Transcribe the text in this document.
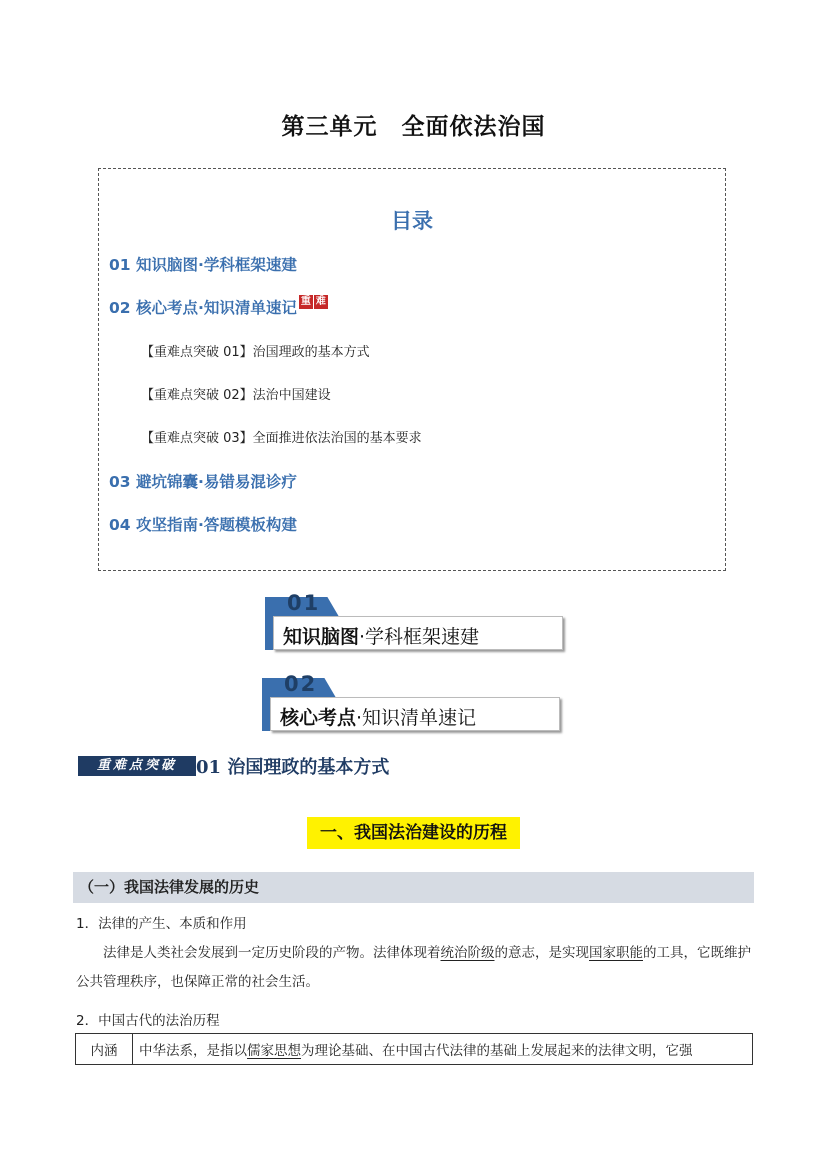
第三单元　全面依法治国
目录
01 知识脑图·学科框架速建
02 核心考点·知识清单速记 重 难
【重难点突破 01】治国理政的基本方式
【重难点突破 02】法治中国建设
【重难点突破 03】全面推进依法治国的基本要求
03 避坑锦囊·易错易混诊疗
04 攻坚指南·答题模板构建
01
知识脑图·学科框架速建
02
核心考点·知识清单速记
重难点突破	01 治国理政的基本方式
一、我国法治建设的历程
（一）我国法律发展的历史
1．法律的产生、本质和作用
法律是人类社会发展到一定历史阶段的产物。法律体现着统治阶级的意志，是实现国家职能的工具，它既维护公共管理秩序，也保障正常的社会生活。
2．中国古代的法治历程
内涵	中华法系，是指以儒家思想为理论基础、在中国古代法律的基础上发展起来的法律文明，它强
